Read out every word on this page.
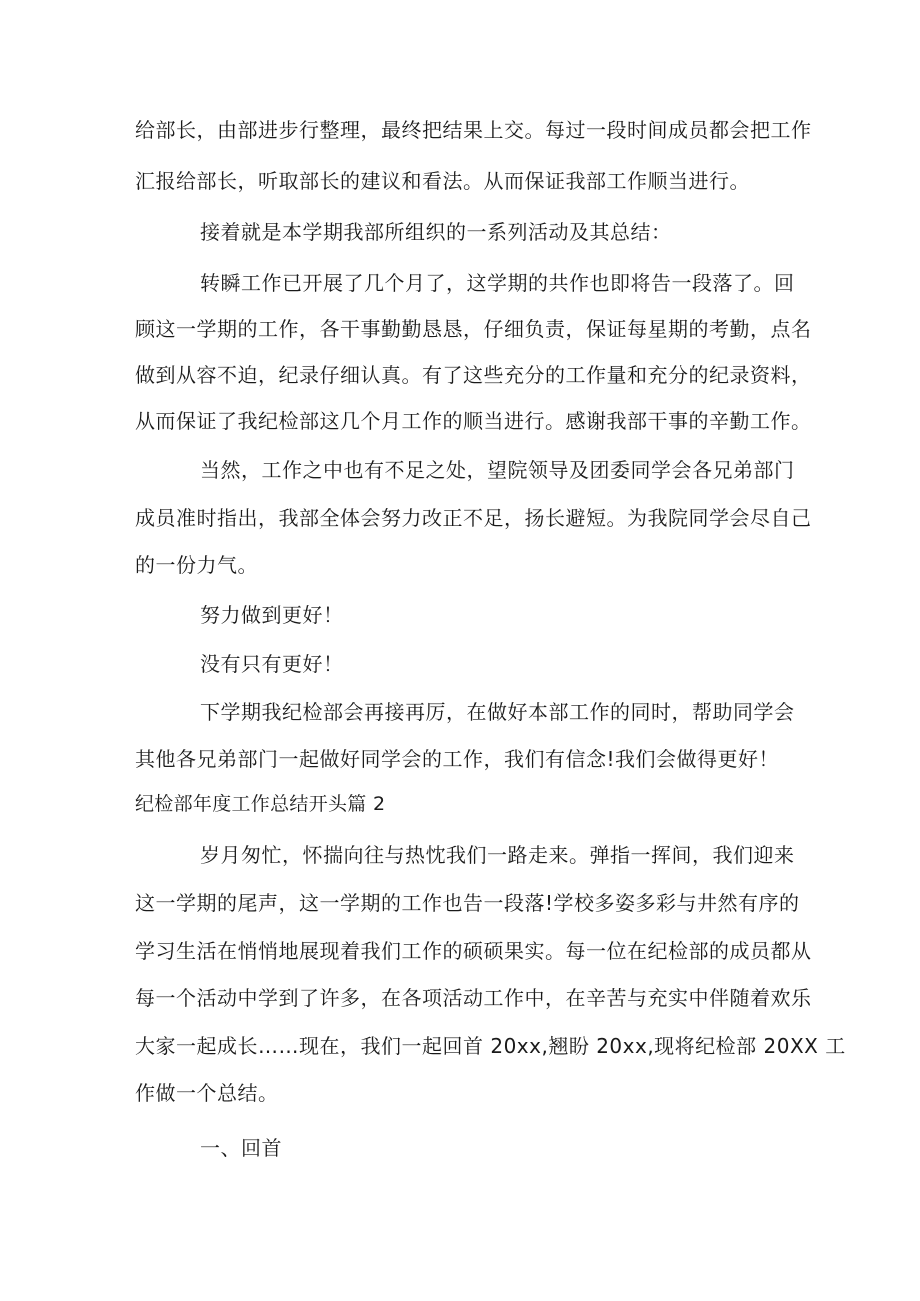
给部长，由部进步行整理，最终把结果上交。每过一段时间成员都会把工作
汇报给部长，听取部长的建议和看法。从而保证我部工作顺当进行。
接着就是本学期我部所组织的一系列活动及其总结：
转瞬工作已开展了几个月了，这学期的共作也即将告一段落了。回
顾这一学期的工作，各干事勤勤恳恳，仔细负责，保证每星期的考勤，点名
做到从容不迫，纪录仔细认真。有了这些充分的工作量和充分的纪录资料，
从而保证了我纪检部这几个月工作的顺当进行。感谢我部干事的辛勤工作。
当然，工作之中也有不足之处，望院领导及团委同学会各兄弟部门
成员准时指出，我部全体会努力改正不足，扬长避短。为我院同学会尽自己
的一份力气。
努力做到更好！
没有只有更好！
下学期我纪检部会再接再厉，在做好本部工作的同时，帮助同学会
其他各兄弟部门一起做好同学会的工作，我们有信念!我们会做得更好！
纪检部年度工作总结开头篇 2
岁月匆忙，怀揣向往与热忱我们一路走来。弹指一挥间，我们迎来
这一学期的尾声，这一学期的工作也告一段落!学校多姿多彩与井然有序的
学习生活在悄悄地展现着我们工作的硕硕果实。每一位在纪检部的成员都从
每一个活动中学到了许多，在各项活动工作中，在辛苦与充实中伴随着欢乐
大家一起成长……现在，我们一起回首 20xx,翘盼 20xx,现将纪检部 20XX 工
作做一个总结。
一、回首
